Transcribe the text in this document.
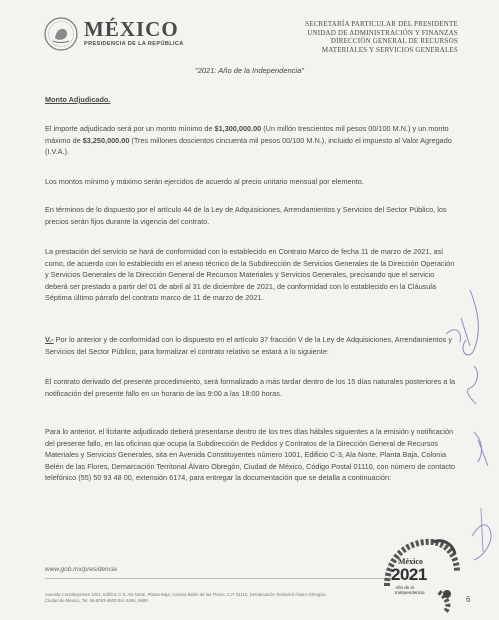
MÉXICO
PRESIDENCIA DE LA REPÚBLICA
SECRETARÍA PARTICULAR DEL PRESIDENTE
UNIDAD DE ADMINISTRACIÓN Y FINANZAS
DIRECCIÓN GENERAL DE RECURSOS
MATERIALES Y SERVICIOS GENERALES
"2021: Año de la Independencia"
Monto Adjudicado.

El importe adjudicado será por un monto mínimo de $1,300,000.00 (Un millón trescientos mil pesos 00/100 M.N.) y un monto máximo de $3,250,000.00 (Tres millones doscientos cincuenta mil pesos 00/100 M.N.), incluido el impuesto al Valor Agregado (I.V.A.).

Los montos mínimo y máximo serán ejercidos de acuerdo al precio unitario mensual por elemento.

En términos de lo dispuesto por el artículo 44 de la Ley de Adquisiciones, Arrendamientos y Servicios del Sector Público, los precios serán fijos durante la vigencia del contrato.

La prestación del servicio se hará de conformidad con lo establecido en Contrato Marco de fecha 11 de marzo de 2021, así como, de acuerdo con lo establecido en el anexo técnico de la Subdirección de Servicios Generales de la Dirección Operación y Servicios Generales de la Dirección General de Recursos Materiales y Servicios Generales, precisando que el servicio deberá ser prestado a partir del 01 de abril al 31 de diciembre de 2021, de conformidad con lo establecido en la Cláusula Séptima último párrafo del contrato marco de 11 de marzo de 2021.

V.- Por lo anterior y de conformidad con lo dispuesto en el artículo 37 fracción V de la Ley de Adquisiciones, Arrendamientos y Servicios del Sector Público, para formalizar el contrato relativo se estará a lo siguiente:

El contrato derivado del presente procedimiento, será formalizado a más tardar dentro de los 15 días naturales posteriores a la notificación del presente fallo en un horario de las 9:00 a las 18:00 horas.

Para lo anterior, el licitante adjudicado deberá presentarse dentro de los tres días hábiles siguientes a la emisión y notificación del presente fallo, en las oficinas que ocupa la Subdirección de Pedidos y Contratos de la Dirección General de Recursos Materiales y Servicios Generales, sita en Avenida Constituyentes número 1001, Edificio C-3, Ala Norte, Planta Baja, Colonia Belén de las Flores, Demarcación Territorial Álvaro Obregón, Ciudad de México, Código Postal 01110, con número de contacto telefónico (55) 50 93 48 00, extensión 6174, para entregar la documentación que se detalla a continuación:

www.gob.mx/presidencia
Avenida Constituyentes 1001, Edificio C-3, Ala Norte, Planta Baja, Colonia Belén de las Flores, C.P. 01110, Demarcación Territorial Álvaro Obregón,
Ciudad de México, Tel. 55-5093-4800 Ext. 6266, 6689
México
2021
Año de la
Independencia
6
